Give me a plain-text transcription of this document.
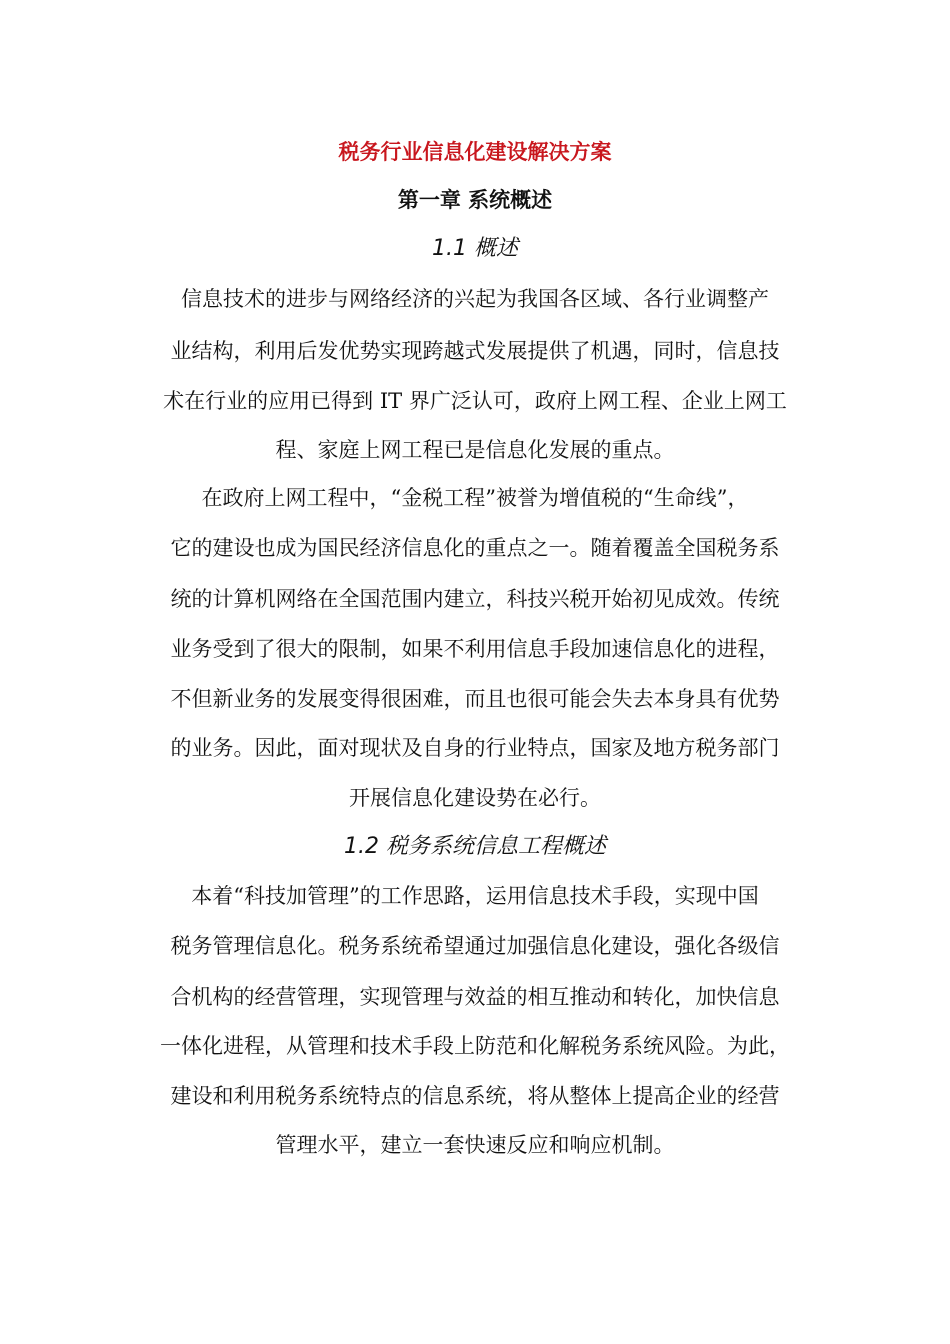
税务行业信息化建设解决方案
第一章 系统概述
1.1 概述
信息技术的进步与网络经济的兴起为我国各区域、各行业调整产
业结构，利用后发优势实现跨越式发展提供了机遇，同时，信息技
术在行业的应用已得到 IT 界广泛认可，政府上网工程、企业上网工
程、家庭上网工程已是信息化发展的重点。
在政府上网工程中，“金税工程”被誉为增值税的“生命线”，
它的建设也成为国民经济信息化的重点之一。随着覆盖全国税务系
统的计算机网络在全国范围内建立，科技兴税开始初见成效。传统
业务受到了很大的限制，如果不利用信息手段加速信息化的进程，
不但新业务的发展变得很困难，而且也很可能会失去本身具有优势
的业务。因此，面对现状及自身的行业特点，国家及地方税务部门
开展信息化建设势在必行。
1.2 税务系统信息工程概述
本着“科技加管理”的工作思路，运用信息技术手段，实现中国
税务管理信息化。税务系统希望通过加强信息化建设，强化各级信
合机构的经营管理，实现管理与效益的相互推动和转化，加快信息
一体化进程，从管理和技术手段上防范和化解税务系统风险。为此，
建设和利用税务系统特点的信息系统，将从整体上提高企业的经营
管理水平，建立一套快速反应和响应机制。
